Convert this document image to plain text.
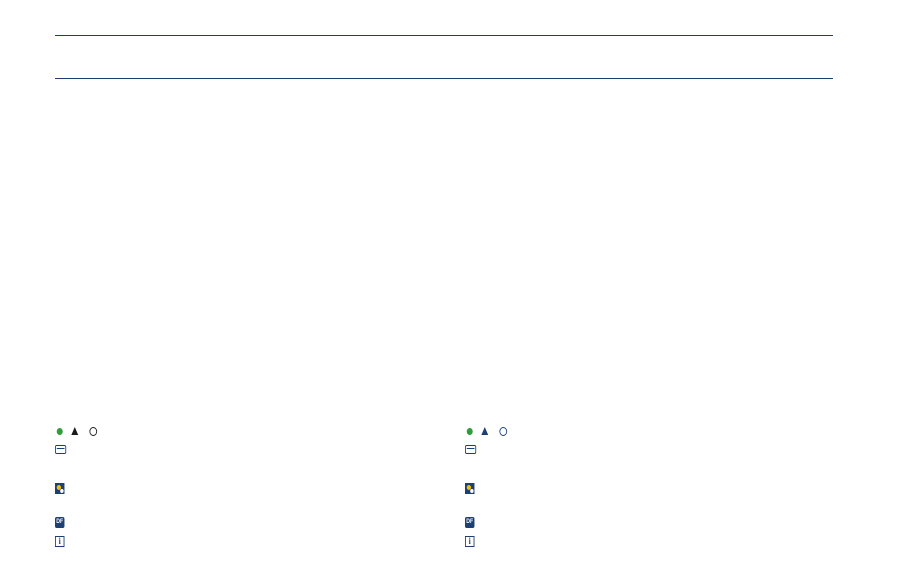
DF
i

DF
i
